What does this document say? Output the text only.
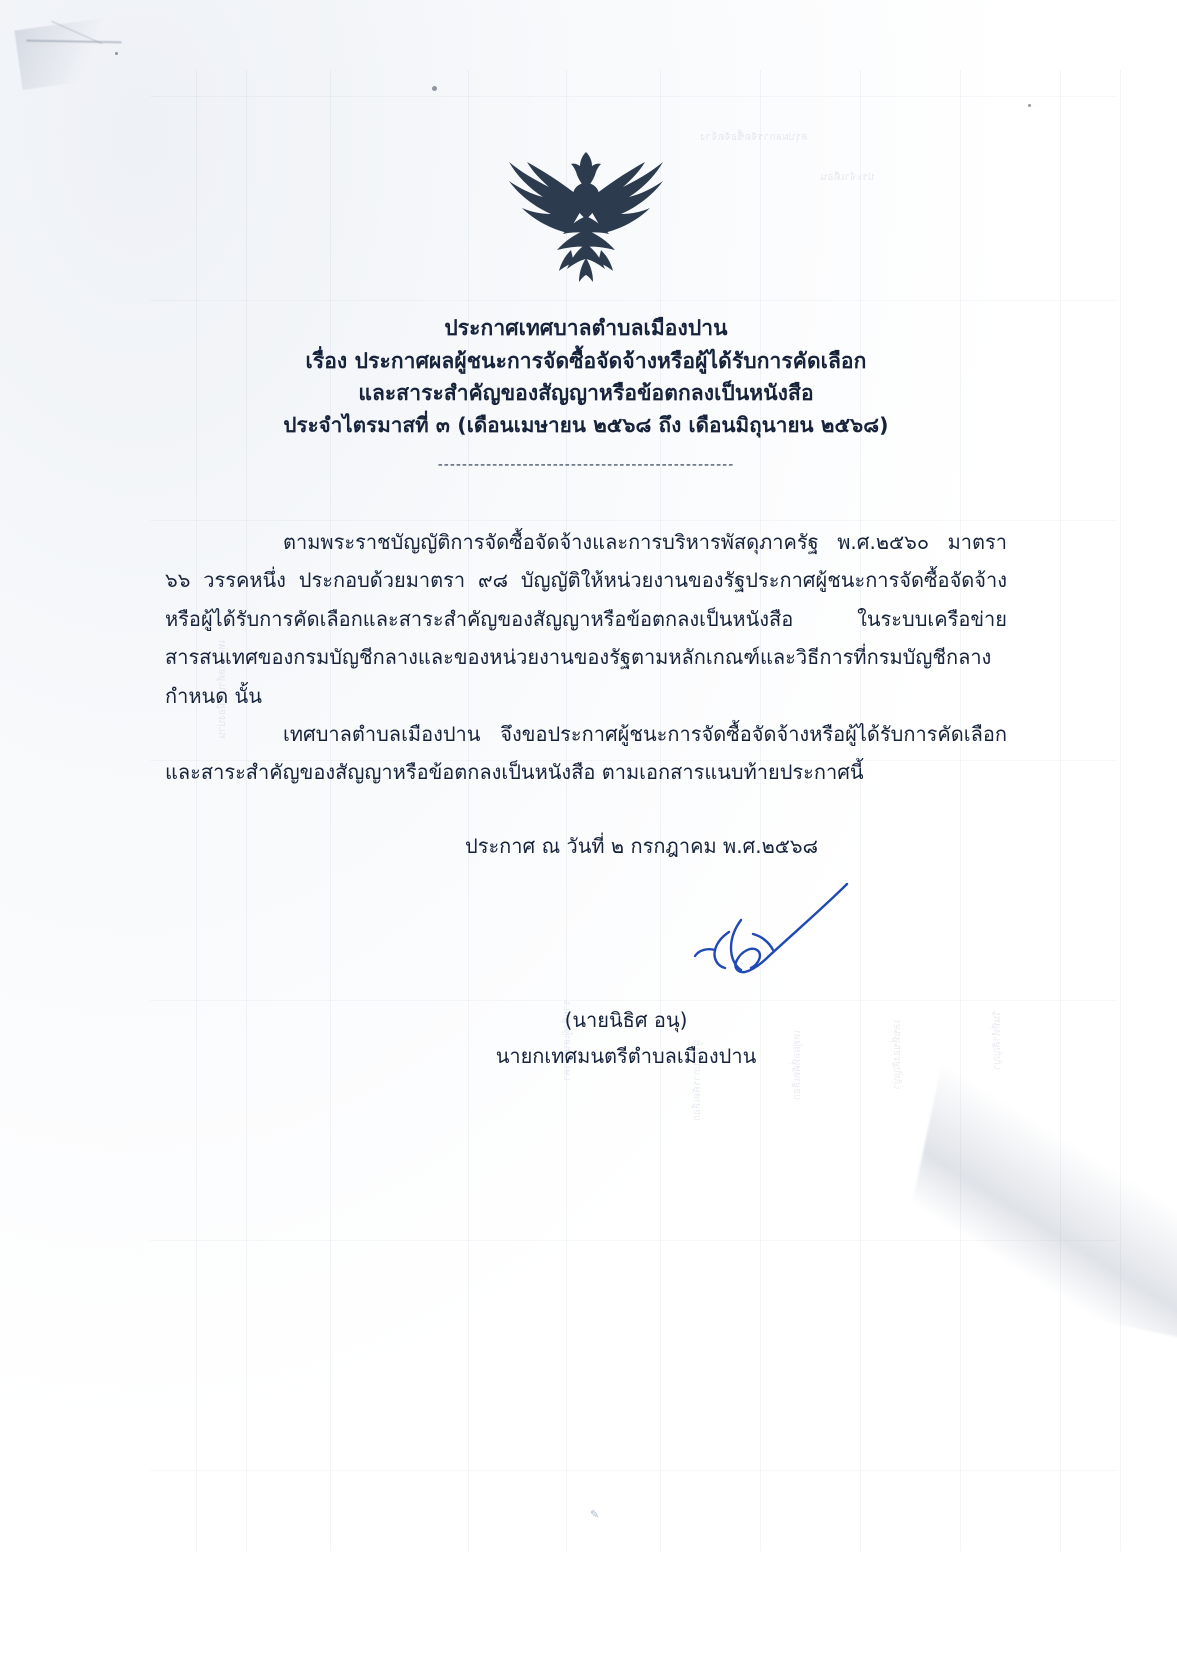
เทศบาลตำบลเมืองปาน
รายชื่อผู้เสนอราคา	ผู้ได้รับการคัดเลือก	เหตุผลที่คัดเลือก	เลขที่ของสัญญา	วันที่ทำสัญญา
สรุปผลการจัดซื้อจัดจ้าง
ประจำเดือน
ประกาศเทศบาลตำบลเมืองปาน
เรื่อง ประกาศผลผู้ชนะการจัดซื้อจัดจ้างหรือผู้ได้รับการคัดเลือก
และสาระสำคัญของสัญญาหรือข้อตกลงเป็นหนังสือ
ประจำไตรมาสที่ ๓ (เดือนเมษายน ๒๕๖๘ ถึง เดือนมิถุนายน ๒๕๖๘)
-------------------------------------------------

ตามพระราชบัญญัติการจัดซื้อจัดจ้างและการบริหารพัสดุภาครัฐ พ.ศ.๒๕๖๐ มาตรา ๖๖ วรรคหนึ่ง ประกอบด้วยมาตรา ๙๘ บัญญัติให้หน่วยงานของรัฐประกาศผู้ชนะการจัดซื้อจัดจ้างหรือผู้ได้รับการคัดเลือกและสาระสำคัญของสัญญาหรือข้อตกลงเป็นหนังสือ ในระบบเครือข่ายสารสนเทศของกรมบัญชีกลางและของหน่วยงานของรัฐตามหลักเกณฑ์และวิธีการที่กรมบัญชีกลางกำหนด นั้น

เทศบาลตำบลเมืองปาน จึงขอประกาศผู้ชนะการจัดซื้อจัดจ้างหรือผู้ได้รับการคัดเลือกและสาระสำคัญของสัญญาหรือข้อตกลงเป็นหนังสือ ตามเอกสารแนบท้ายประกาศนี้

ประกาศ ณ วันที่ ๒ กรกฎาคม พ.ศ.๒๕๖๘
(นายนิธิศ อนุ)
นายกเทศมนตรีตำบลเมืองปาน
✎
